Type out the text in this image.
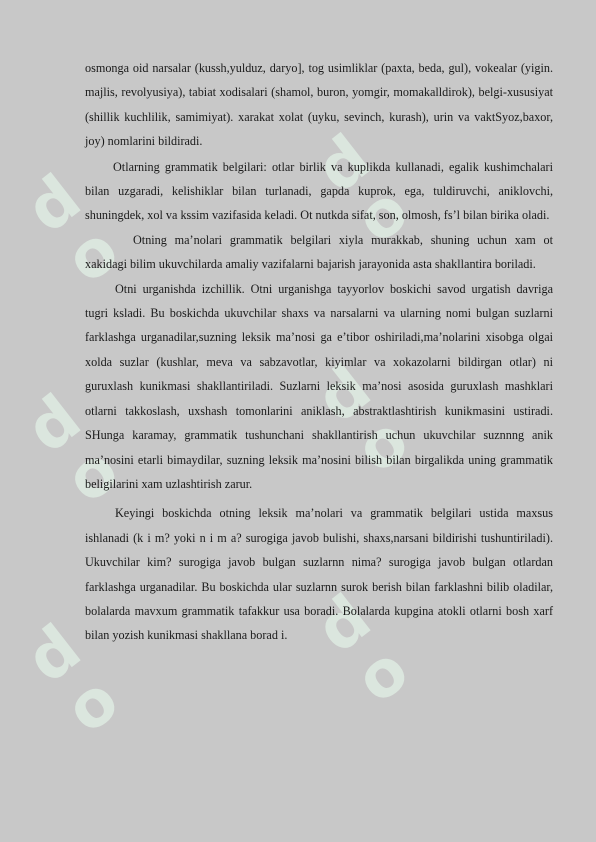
d
o
d
o
d
o
d
o
d
o
d
o

osmonga oid narsalar (kussh,yulduz, daryo], tog usimliklar (paxta, beda, gul), vokealar (yigin. majlis, revolyusiya), tabiat xodisalari (shamol, buron, yomgir, momakalldirok), belgi-xususiyat (shillik kuchlilik, samimiyat). xarakat xolat (uyku, sevinch, kurash), urin va vaktSyoz,baxor, joy) nomlarini bildiradi.

Otlarning grammatik belgilari: otlar birlik va kuplikda kullanadi, egalik kushimchalari bilan uzgaradi, kelishiklar bilan turlanadi, gapda kuprok, ega, tuldiruvchi, aniklovchi, shuningdek, xol va kssim vazifasida keladi. Ot nutkda sifat, son, olmosh, fs’l bilan birika oladi.

Otning ma’nolari grammatik belgilari xiyla murakkab, shuning uchun xam ot xakidagi bilim ukuvchilarda amaliy vazifalarni bajarish jarayonida asta shakllantira boriladi.

Otni urganishda izchillik. Otni urganishga tayyorlov boskichi savod urgatish davriga tugri ksladi. Bu boskichda ukuvchilar shaxs va narsalarni va ularning nomi bulgan suzlarni farklashga urganadilar,suzning leksik ma’nosi ga e’tibor oshiriladi,ma’nolarini xisobga olgai xolda suzlar (kushlar, meva va sabzavotlar, kiyimlar va xokazolarni bildirgan otlar) ni guruxlash kunikmasi shakllantiriladi. Suzlarni leksik ma’nosi asosida guruxlash mashklari otlarni takkoslash, uxshash tomonlarini aniklash, abstraktlashtirish kunikmasini ustiradi. SHunga karamay, grammatik tushunchani shakllantirish uchun ukuvchilar suznnng anik ma’nosini etarli bimaydilar, suzning leksik ma’nosini bilish bilan birgalikda uning grammatik beligilarini xam uzlashtirish zarur.

Keyingi boskichda otning leksik ma’nolari va grammatik belgilari ustida maxsus ishlanadi (k i m? yoki n i m a? surogiga javob bulishi, shaxs,narsani bildirishi tushuntiriladi). Ukuvchilar kim? surogiga javob bulgan suzlarnn nima? surogiga javob bulgan otlardan farklashga urganadilar. Bu boskichda ular suzlarnn surok berish bilan farklashni bilib oladilar, bolalarda mavxum grammatik tafakkur usa boradi. Bolalarda kupgina atokli otlarni bosh xarf bilan yozish kunikmasi shakllana borad i.
